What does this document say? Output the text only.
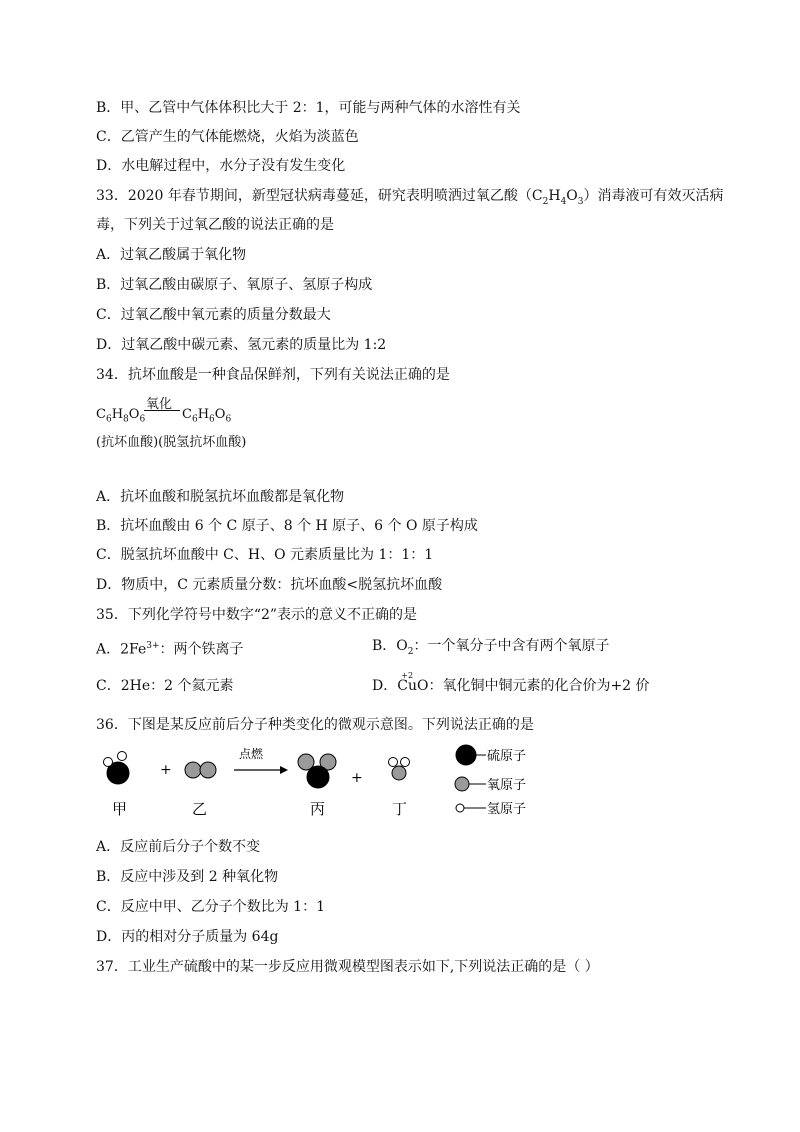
B．甲、乙管中气体体积比大于 2：1，可能与两种气体的水溶性有关
C．乙管产生的气体能燃烧，火焰为淡蓝色
D．水电解过程中，水分子没有发生变化
33．2020 年春节期间，新型冠状病毒蔓延，研究表明喷洒过氧乙酸$(C_2H_4O_3)$消毒液可有效灭活病
毒，下列关于过氧乙酸的说法正确的是
A．过氧乙酸属于氧化物
B．过氧乙酸由碳原子、氧原子、氢原子构成
C．过氧乙酸中氧元素的质量分数最大
D．过氧乙酸中碳元素、氢元素的质量比为 1:2
34．抗坏血酸是一种食品保鲜剂，下列有关说法正确的是
$C_6H_8O_6$
氧化
$C_6H_6O_6$
(抗坏血酸)(脱氢抗坏血酸)
A．抗坏血酸和脱氢抗坏血酸都是氧化物
B．抗坏血酸由 6 个 C 原子、8 个 H 原子、6 个 O 原子构成
C．脱氢抗坏血酸中 C、H、O 元素质量比为 1：1：1
D．物质中，C 元素质量分数：抗坏血酸<脱氢抗坏血酸
35．下列化学符号中数字“2”表示的意义不正确的是
A．$2Fe^{3+}$：两个铁离子	B．$O_2$：一个氧分子中含有两个氧原子
C．2He：2 个氦元素	D．
+2
CuO：氧化铜中铜元素的化合价为+2 价
36．下图是某反应前后分子种类变化的微观示意图。下列说法正确的是
+
点燃
+
甲	乙	丙	丁
硫原子
氧原子
氢原子
A．反应前后分子个数不变
B．反应中涉及到 2 种氧化物
C．反应中甲、乙分子个数比为 1：1
D．丙的相对分子质量为 64g
37．工业生产硫酸中的某一步反应用微观模型图表示如下,下列说法正确的是（ ）
